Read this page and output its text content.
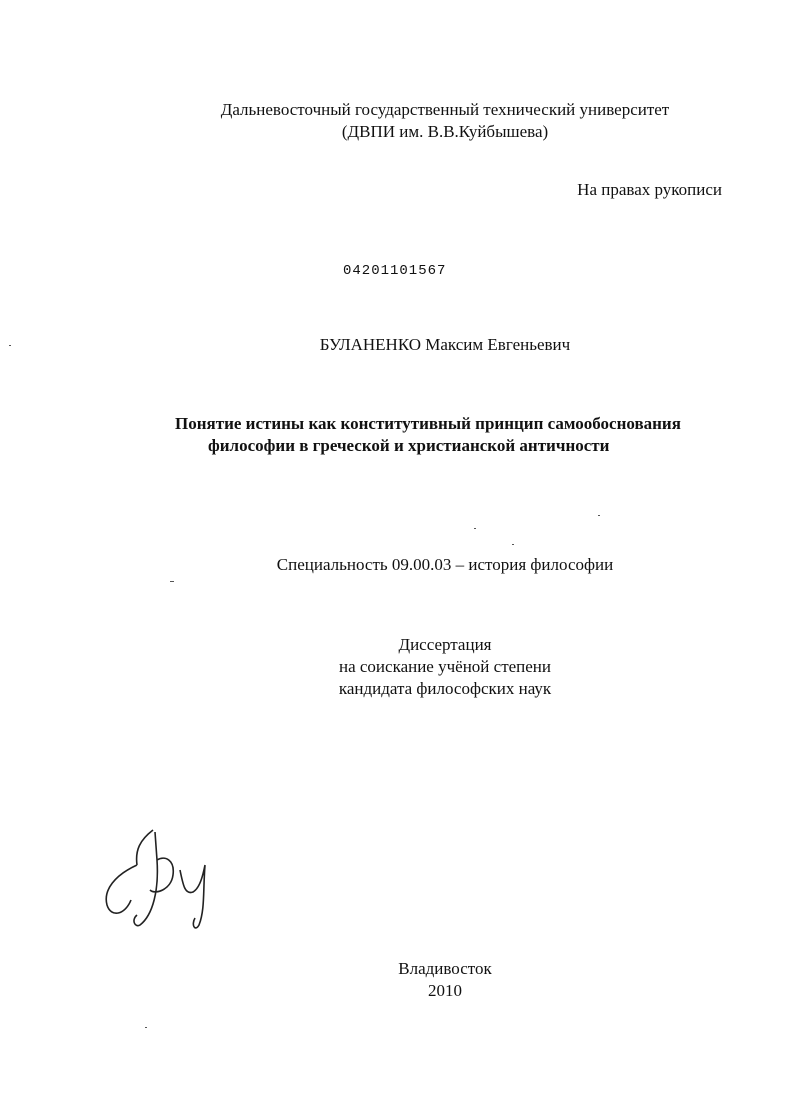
Дальневосточный государственный технический университет
(ДВПИ им. В.В.Куйбышева)
На правах рукописи
04201101567
БУЛАНЕНКО Максим Евгеньевич
Понятие истины как конститутивный принцип самообоснования
философии в греческой и христианской античности
Специальность 09.00.03 – история философии
Диссертация
на соискание учёной степени
кандидата философских наук
Владивосток
2010
